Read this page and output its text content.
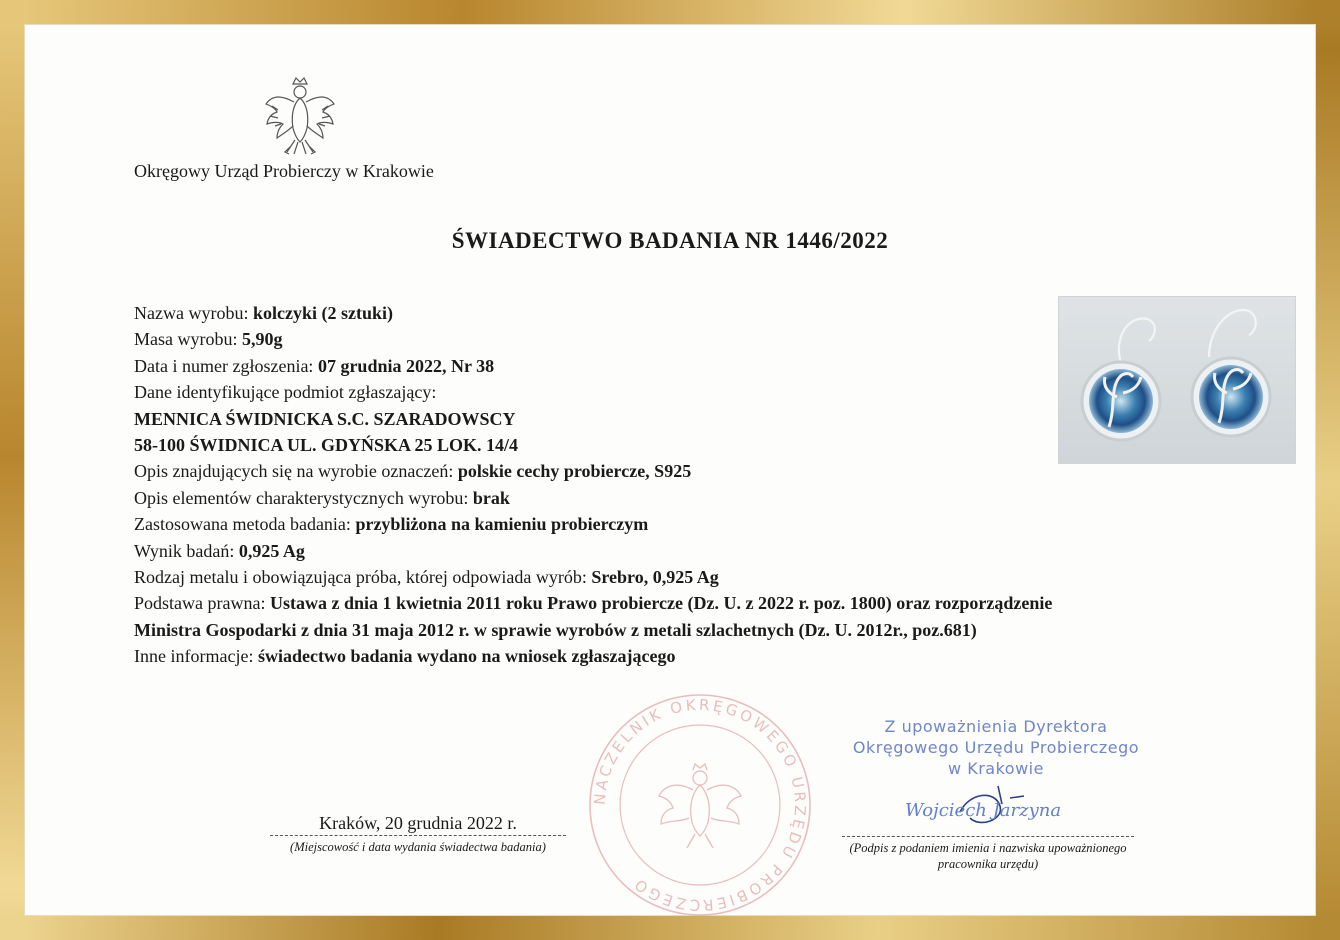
Okręgowy Urząd Probierczy w Krakowie
ŚWIADECTWO BADANIA NR 1446/2022
Nazwa wyrobu: kolczyki (2 sztuki)
Masa wyrobu: 5,90g
Data i numer zgłoszenia: 07 grudnia 2022, Nr 38
Dane identyfikujące podmiot zgłaszający:
MENNICA ŚWIDNICKA S.C. SZARADOWSCY
58-100 ŚWIDNICA UL. GDYŃSKA 25 LOK. 14/4
Opis znajdujących się na wyrobie oznaczeń: polskie cechy probiercze, S925
Opis elementów charakterystycznych wyrobu: brak
Zastosowana metoda badania: przybliżona na kamieniu probierczym
Wynik badań: 0,925 Ag
Rodzaj metalu i obowiązująca próba, której odpowiada wyrób: Srebro, 0,925 Ag
Podstawa prawna: Ustawa z dnia 1 kwietnia 2011 roku Prawo probiercze (Dz. U. z 2022 r. poz. 1800) oraz rozporządzenie
Ministra Gospodarki z dnia 31 maja 2012 r. w sprawie wyrobów z metali szlachetnych (Dz. U. 2012r., poz.681)
Inne informacje: świadectwo badania wydano na wniosek zgłaszającego
NACZELNIK OKRĘGOWEGO URZĘDU PROBIERCZEGO
Z upoważnienia Dyrektora
Okręgowego Urzędu Probierczego
w Krakowie
Wojciech Jarzyna
Kraków, 20 grudnia 2022 r.
(Miejscowość i data wydania świadectwa badania)	(Podpis z podaniem imienia i nazwiska upoważnionego pracownika urzędu)
